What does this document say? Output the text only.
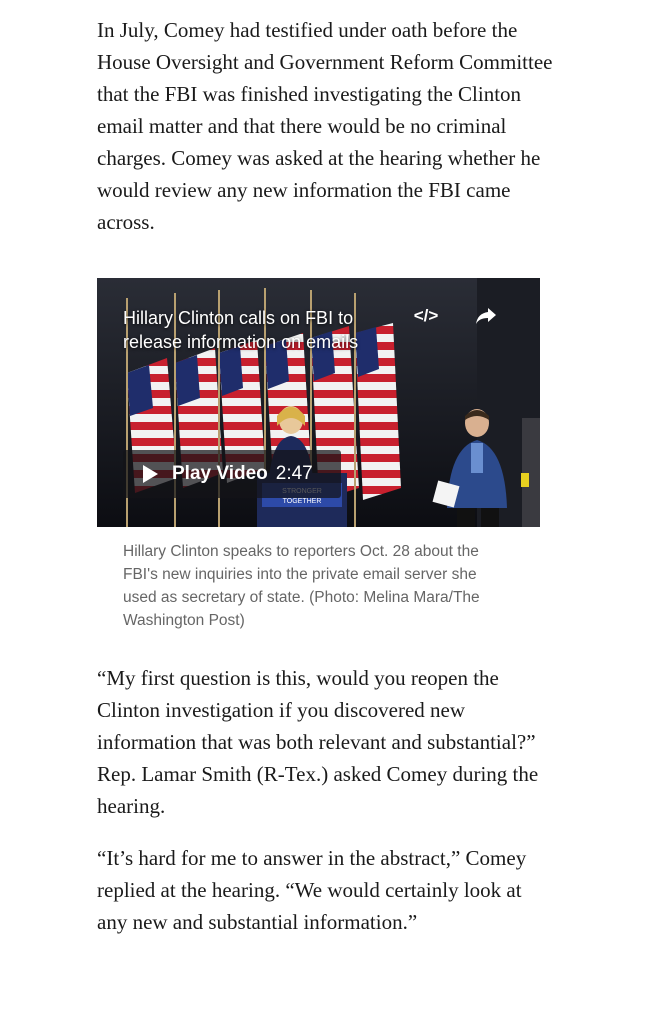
In July, Comey had testified under oath before the House Oversight and Government Reform Committee that the FBI was finished investigating the Clinton email matter and that there would be no criminal charges. Comey was asked at the hearing whether he would review any new information the FBI came across.

TOGETHER
Hillary Clinton calls on FBI to release information on emails
</>
Play Video 2:47

Hillary Clinton speaks to reporters Oct. 28 about the FBI's new inquiries into the private email server she used as secretary of state. (Photo: Melina Mara/The Washington Post)

“My first question is this, would you reopen the Clinton investigation if you discovered new information that was both relevant and substantial?” Rep. Lamar Smith (R-Tex.) asked Comey during the hearing.

“It’s hard for me to answer in the abstract,” Comey replied at the hearing. “We would certainly look at any new and substantial information.”
